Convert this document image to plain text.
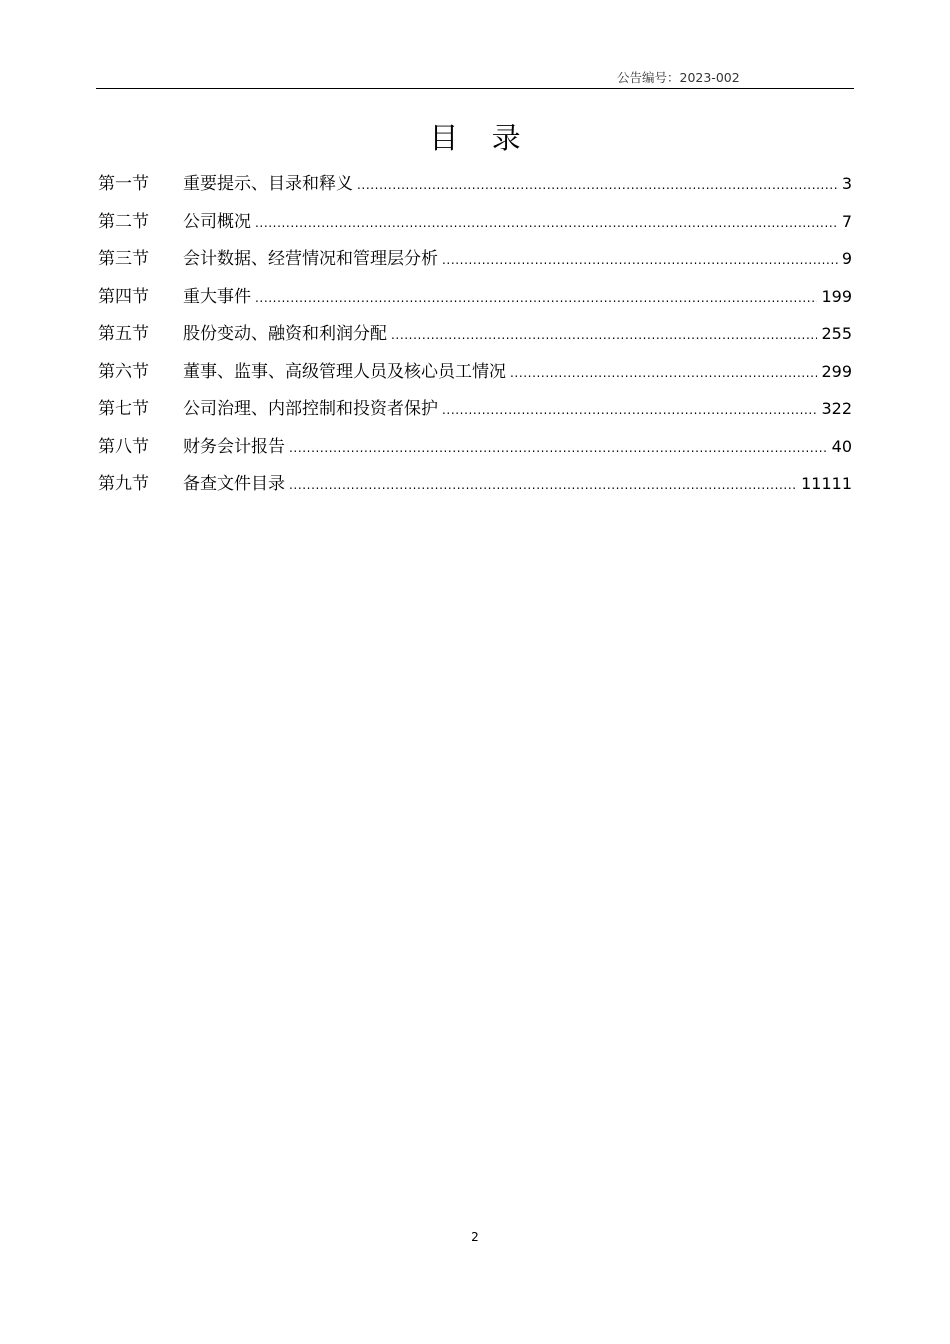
公告编号：2023-002
目 录
第一节	重要提示、目录和释义 .....	3
第二节	公司概况 .....	7
第三节	会计数据、经营情况和管理层分析 .....	9
第四节	重大事件 .....	199
第五节	股份变动、融资和利润分配 .....	255
第六节	董事、监事、高级管理人员及核心员工情况 .....	299
第七节	公司治理、内部控制和投资者保护 .....	322
第八节	财务会计报告 .....	40
第九节	备查文件目录 .....	11111
2
